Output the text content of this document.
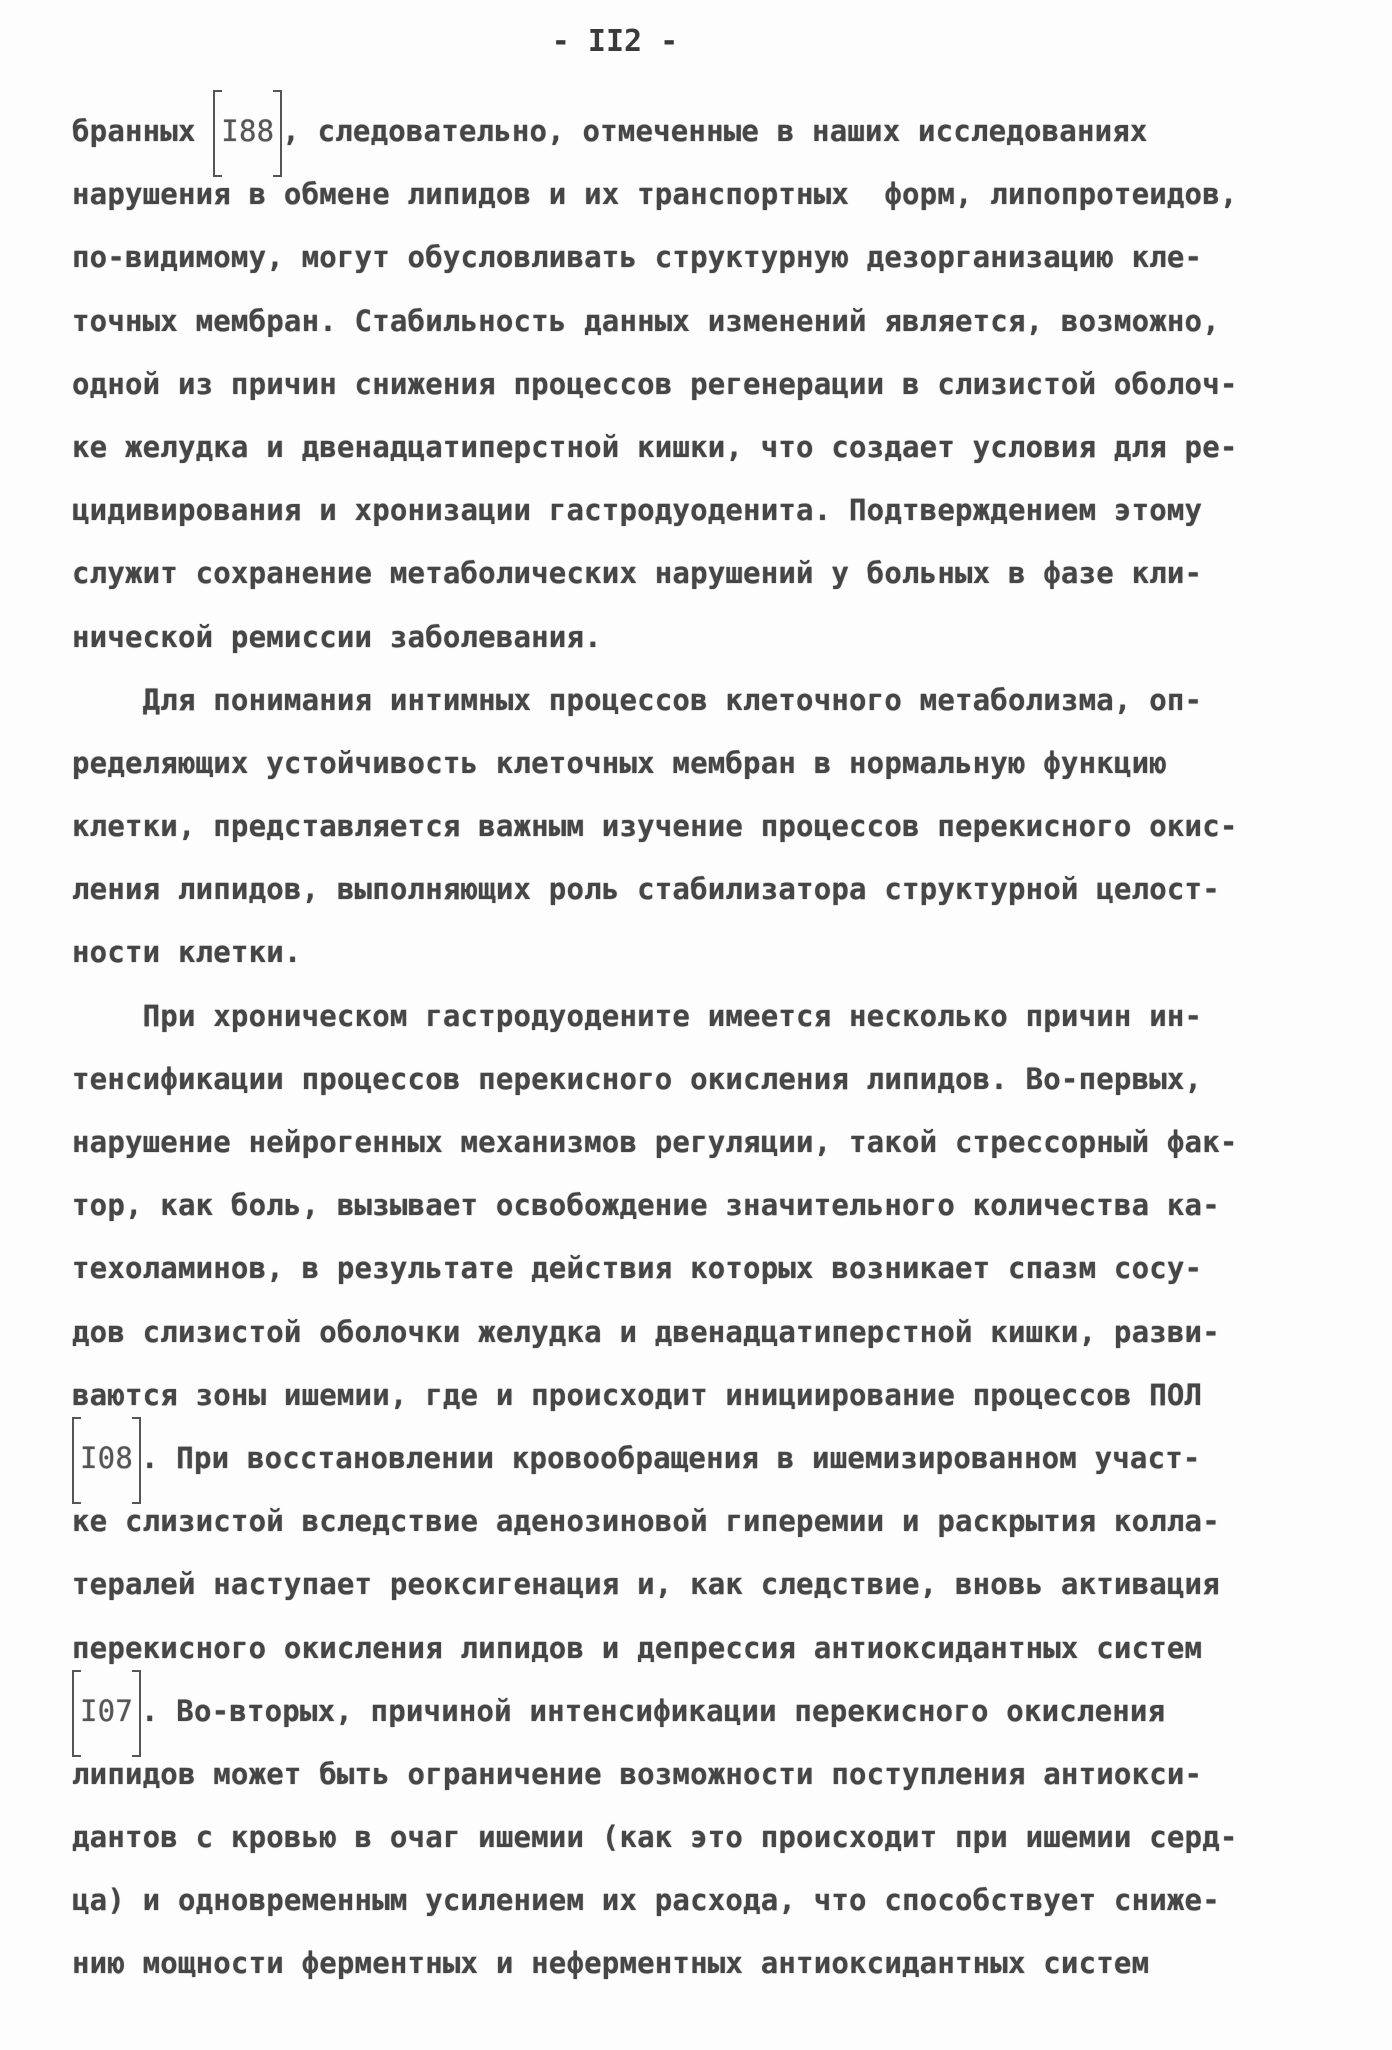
- II2 -
бранных I88 , следовательно, отмеченные в наших исследованиях
нарушения в обмене липидов и их транспортных  форм, липопротеидов,
по-видимому, могут обусловливать структурную дезорганизацию кле-
точных мембран. Стабильность данных изменений является, возможно,
одной из причин снижения процессов регенерации в слизистой оболоч-
ке желудка и двенадцатиперстной кишки, что создает условия для ре-
цидивирования и хронизации гастродуоденита. Подтверждением этому
служит сохранение метаболических нарушений у больных в фазе кли-
нической ремиссии заболевания.
Для понимания интимных процессов клеточного метаболизма, оп-
ределяющих устойчивость клеточных мембран в нормальную функцию
клетки, представляется важным изучение процессов перекисного окис-
ления липидов, выполняющих роль стабилизатора структурной целост-
ности клетки.
При хроническом гастродуодените имеется несколько причин ин-
тенсификации процессов перекисного окисления липидов. Во-первых,
нарушение нейрогенных механизмов регуляции, такой стрессорный фак-
тор, как боль, вызывает освобождение значительного количества ка-
техоламинов, в результате действия которых возникает спазм сосу-
дов слизистой оболочки желудка и двенадцатиперстной кишки, разви-
ваются зоны ишемии, где и происходит инициирование процессов ПОЛ
I08 . При восстановлении кровообращения в ишемизированном участ-
ке слизистой вследствие аденозиновой гиперемии и раскрытия колла-
тералей наступает реоксигенация и, как следствие, вновь активация
перекисного окисления липидов и депрессия антиоксидантных систем
I07 . Во-вторых, причиной интенсификации перекисного окисления
липидов может быть ограничение возможности поступления антиокси-
дантов с кровью в очаг ишемии (как это происходит при ишемии серд-
ца) и одновременным усилением их расхода, что способствует сниже-
нию мощности ферментных и неферментных антиоксидантных систем
